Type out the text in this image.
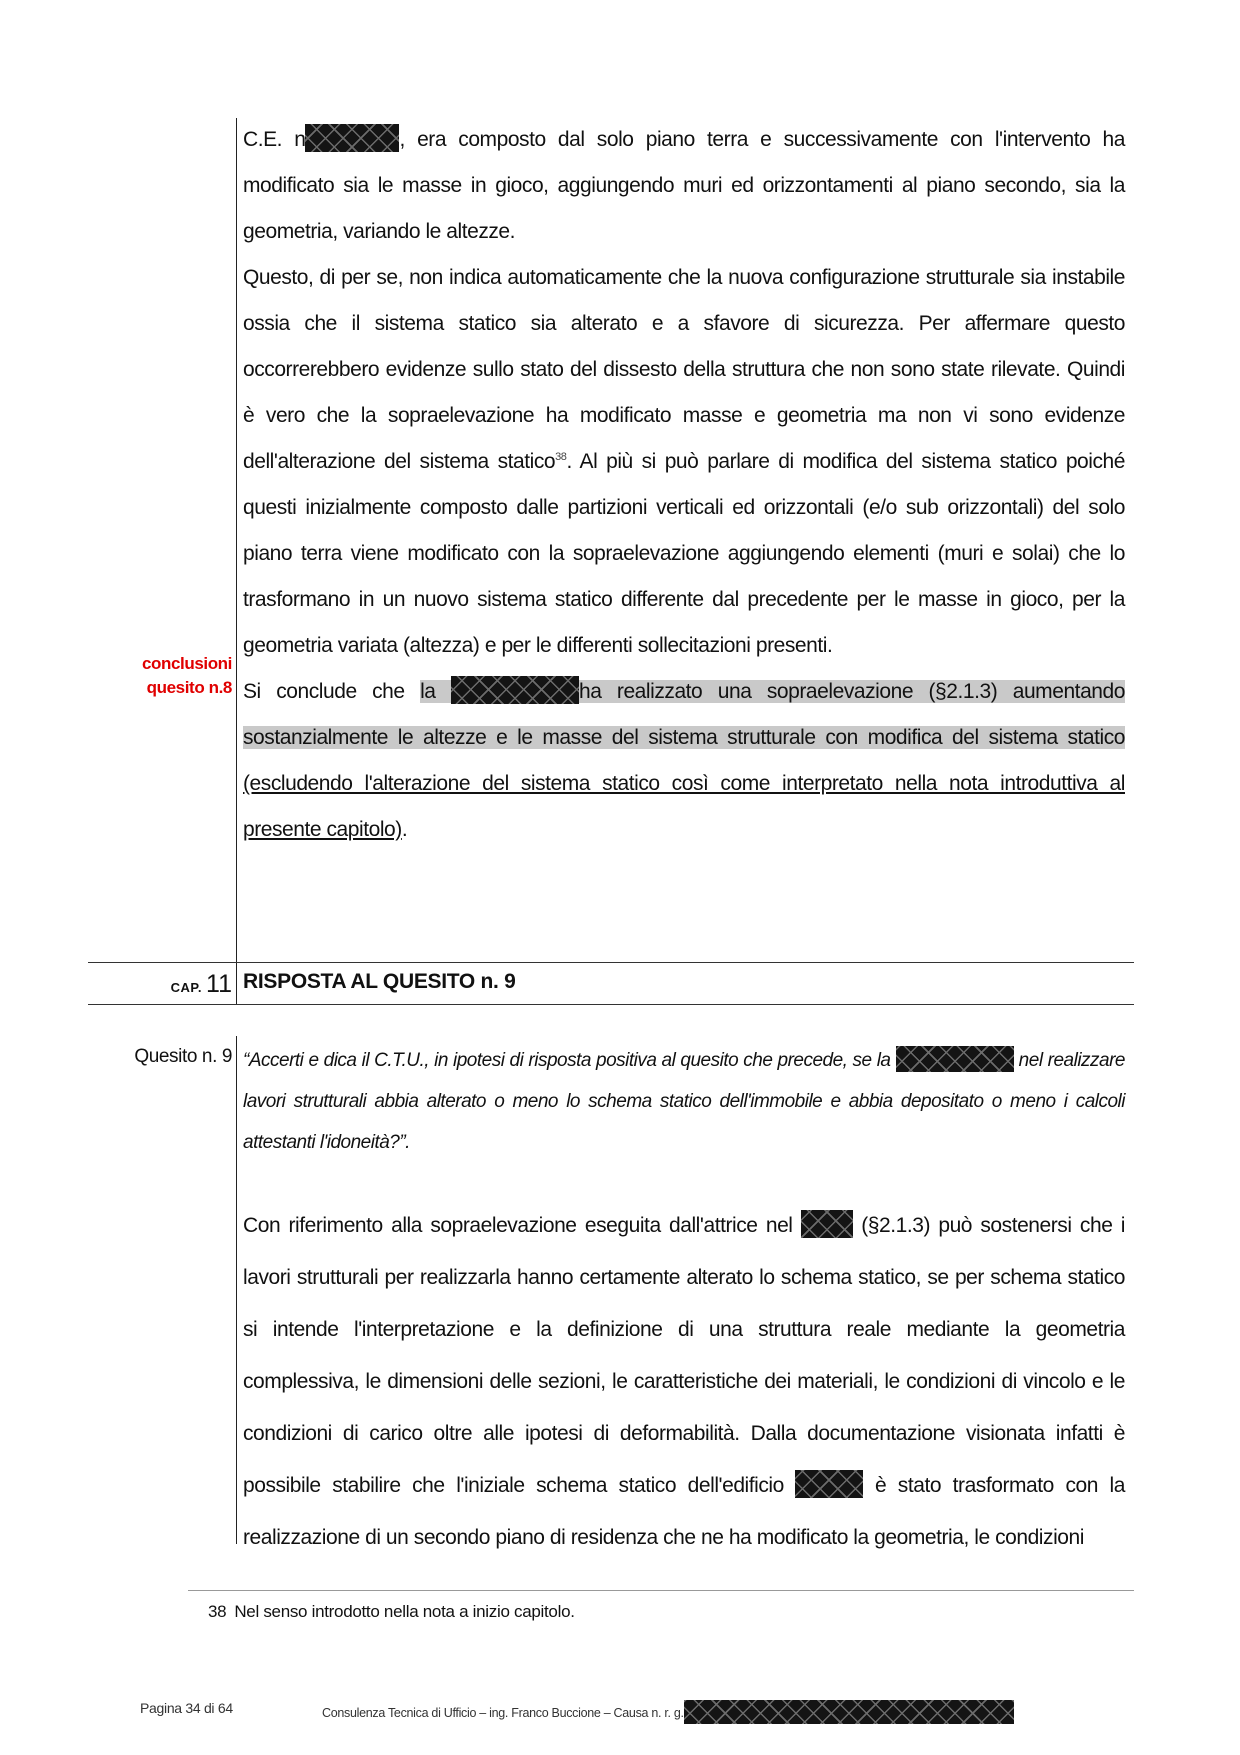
C.E. n	, era composto dal solo piano terra e successivamente con l'intervento ha modificato sia le masse in gioco, aggiungendo muri ed orizzontamenti al piano secondo, sia la geometria, variando le altezze.

Questo, di per se, non indica automaticamente che la nuova configurazione strutturale sia instabile ossia che il sistema statico sia alterato e a sfavore di sicurezza. Per affermare questo occorrerebbero evidenze sullo stato del dissesto della struttura che non sono state rilevate. Quindi è vero che la sopraelevazione ha modificato masse e geometria ma non vi sono evidenze dell'alterazione del sistema statico$^{38}$. Al più si può parlare di modifica del sistema statico poiché questi inizialmente composto dalle partizioni verticali ed orizzontali (e/o sub orizzontali) del solo piano terra viene modificato con la sopraelevazione aggiungendo elementi (muri e solai) che lo trasformano in un nuovo sistema statico differente dal precedente per le masse in gioco, per la geometria variata (altezza) e per le differenti sollecitazioni presenti.

Si conclude che la	ha realizzato una sopraelevazione (§2.1.3) aumentando sostanzialmente le altezze e le masse del sistema strutturale con modifica del sistema statico (escludendo l'alterazione del sistema statico così come interpretato nella nota introduttiva al presente capitolo).

conclusioni
quesito n.8
CAP. 11 RISPOSTA AL QUESITO n. 9
Quesito n. 9 “Accerti e dica il C.T.U., in ipotesi di risposta positiva al quesito che precede, se la	nel realizzare lavori strutturali abbia alterato o meno lo schema statico dell'immobile e abbia depositato o meno i calcoli attestanti l'idoneità?”.

Con riferimento alla sopraelevazione eseguita dall'attrice nel  (§2.1.3) può sostenersi che i lavori strutturali per realizzarla hanno certamente alterato lo schema statico, se per schema statico si intende l'interpretazione e la definizione di una struttura reale mediante la geometria complessiva, le dimensioni delle sezioni, le caratteristiche dei materiali, le condizioni di vincolo e le condizioni di carico oltre alle ipotesi di deformabilità. Dalla documentazione visionata infatti è possibile stabilire che l'iniziale schema statico dell'edificio	è stato trasformato con la realizzazione di un secondo piano di residenza che ne ha modificato la geometria, le condizioni

38 Nel senso introdotto nella nota a inizio capitolo.
Pagina 34 di 64	Consulenza Tecnica di Ufficio – ing. Franco Buccione – Causa n. r. g.
